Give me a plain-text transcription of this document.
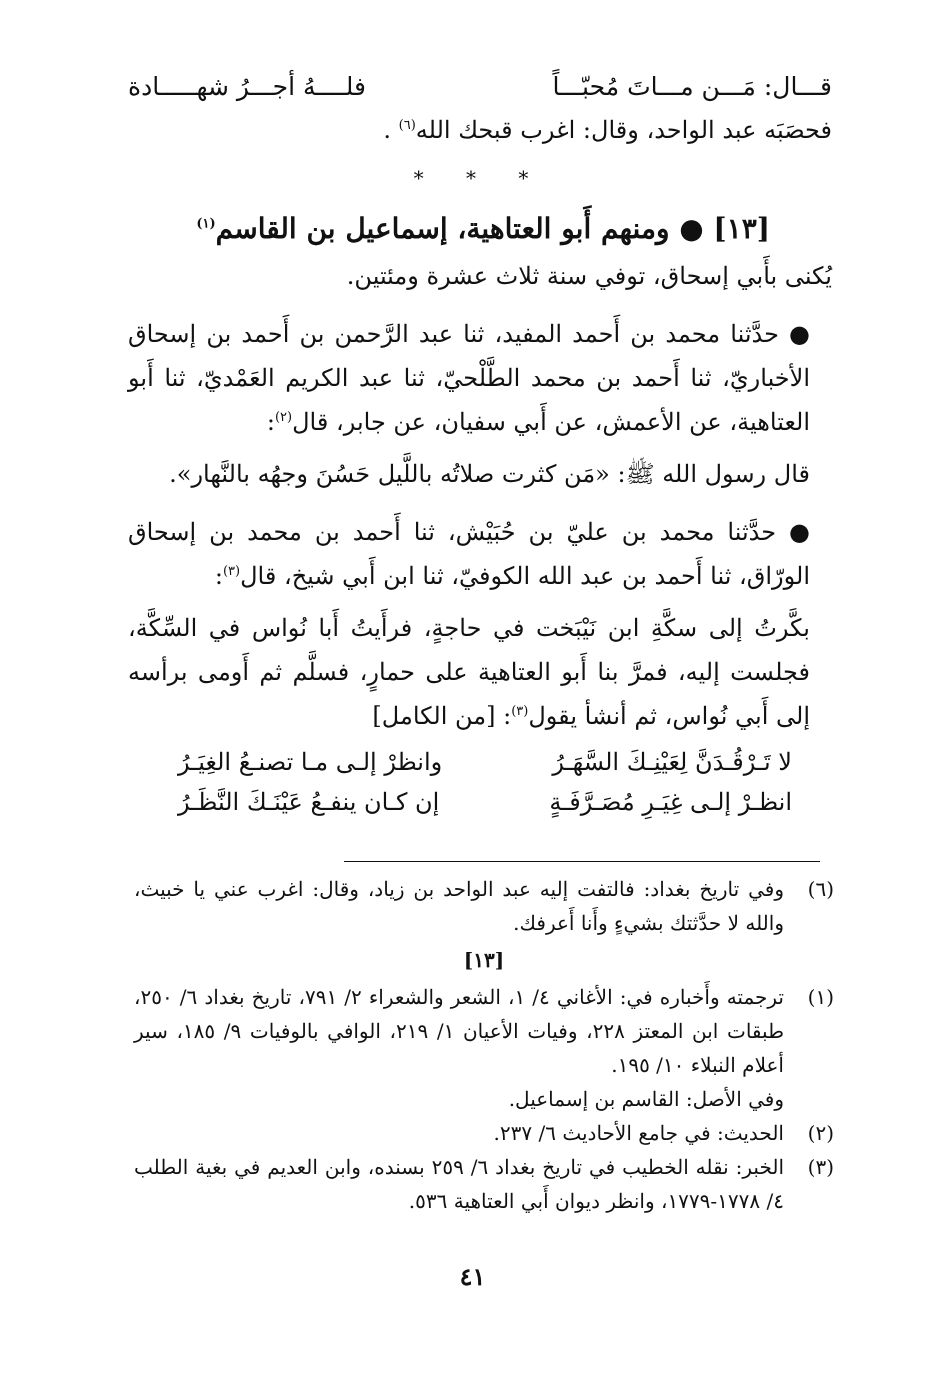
قـــال: مَـــن مـــاتَ مُحبّـــاً
فلــــهُ أجـــرُ شهـــــادة
فحصَبَه عبد الواحد، وقال: اغرب قبحك الله$^{(٦)}$ .
* * *
[١٣] ● ومنهم أَبو العتاهية، إسماعيل بن القاسم$^{(١)}$
يُكنى بأَبي إسحاق، توفي سنة ثلاث عشرة ومئتين.
● حدَّثنا محمد بن أَحمد المفيد، ثنا عبد الرَّحمن بن أَحمد بن إسحاق الأخباريّ، ثنا أَحمد بن محمد الطَّلْحيّ، ثنا عبد الكريم العَمْديّ، ثنا أَبو العتاهية، عن الأعمش، عن أَبي سفيان، عن جابر، قال$^{(٢)}$:
قال رسول الله ﷺ: «مَن كثرت صلاتُه باللَّيل حَسُنَ وجهُه بالنَّهار».
● حدَّثنا محمد بن عليّ بن حُبَيْش، ثنا أَحمد بن محمد بن إسحاق الورّاق، ثنا أَحمد بن عبد الله الكوفيّ، ثنا ابن أَبي شيخ، قال$^{(٣)}$:
بكَّرتُ إلى سكَّةِ ابن نَيْبَخت في حاجةٍ، فرأَيتُ أَبا نُواس في السِّكَّة، فجلست إليه، فمرَّ بنا أَبو العتاهية على حمارٍ، فسلَّم ثم أَومى برأسه إلى أَبي نُواس، ثم أنشأ يقول$^{(٣)}$: [من الكامل]
لا تَـرْقُـدَنَّ لِعَيْنِـكَ السَّهَـرُ
وانظرْ إلـى مـا تصنـعُ الغِيَـرُ
انظـرْ إلـى غِيَـرِ مُصَـرَّفَـةٍ
إن كـان ينفـعُ عَيْنَـكَ النَّظَـرُ
(٦)
وفي تاريخ بغداد: فالتفت إليه عبد الواحد بن زياد، وقال: اغرب عني يا خبيث، والله لا حدَّثتك بشيءٍ وأَنا أَعرفك.
[١٣]
(١)
ترجمته وأَخباره في: الأغاني ٤/ ١، الشعر والشعراء ٢/ ٧٩١، تاريخ بغداد ٦/ ٢٥٠، طبقات ابن المعتز ٢٢٨، وفيات الأعيان ١/ ٢١٩، الوافي بالوفيات ٩/ ١٨٥، سير أعلام النبلاء ١٠/ ١٩٥.
وفي الأصل: القاسم بن إسماعيل.
(٢)
الحديث: في جامع الأحاديث ٦/ ٢٣٧.
(٣)
الخبر: نقله الخطيب في تاريخ بغداد ٦/ ٢٥٩ بسنده، وابن العديم في بغية الطلب ٤/ ١٧٧٨-١٧٧٩، وانظر ديوان أَبي العتاهية ٥٣٦.
٤١
